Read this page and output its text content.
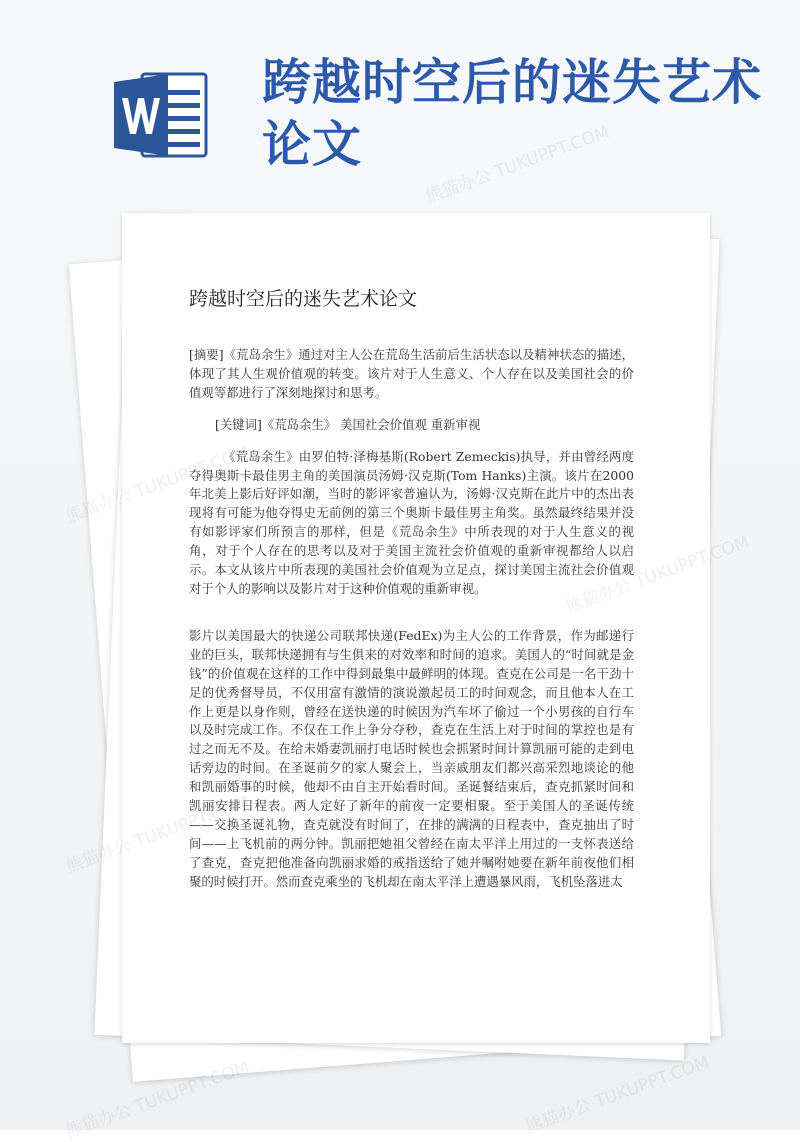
跨越时空后的迷失艺术论文
跨越时空后的迷失艺术论文

[摘要]《荒岛余生》通过对主人公在荒岛生活前后生活状态以及精神状态的描述，体现了其人生观价值观的转变。该片对于人生意义、个人存在以及美国社会的价值观等都进行了深刻地探讨和思考。

[关键词]《荒岛余生》 美国社会价值观 重新审视

《荒岛余生》由罗伯特·泽梅基斯(Robert Zemeckis)执导，并由曾经两度夺得奥斯卡最佳男主角的美国演员汤姆·汉克斯(Tom Hanks)主演。该片在2000年北美上影后好评如潮，当时的影评家普遍认为，汤姆·汉克斯在此片中的杰出表现将有可能为他夺得史无前例的第三个奥斯卡最佳男主角奖。虽然最终结果并没有如影评家们所预言的那样，但是《荒岛余生》中所表现的对于人生意义的视角，对于个人存在的思考以及对于美国主流社会价值观的重新审视都给人以启示。本文从该片中所表现的美国社会价值观为立足点，探讨美国主流社会价值观对于个人的影响以及影片对于这种价值观的重新审视。

影片以美国最大的快递公司联邦快递(FedEx)为主人公的工作背景，作为邮递行业的巨头，联邦快递拥有与生俱来的对效率和时间的追求。美国人的“时间就是金钱”的价值观在这样的工作中得到最集中最鲜明的体现。查克在公司是一名干劲十足的优秀督导员，不仅用富有激情的演说激起员工的时间观念，而且他本人在工作上更是以身作则，曾经在送快递的时候因为汽车坏了偷过一个小男孩的自行车以及时完成工作。不仅在工作上争分夺秒，查克在生活上对于时间的掌控也是有过之而无不及。在给未婚妻凯丽打电话时候也会抓紧时间计算凯丽可能的走到电话旁边的时间。在圣诞前夕的家人聚会上，当亲戚朋友们都兴高采烈地谈论的他和凯丽婚事的时候，他却不由自主开始看时间。圣诞餐结束后，查克抓紧时间和凯丽安排日程表。两人定好了新年的前夜一定要相聚。至于美国人的圣诞传统——交换圣诞礼物，查克就没有时间了，在排的满满的日程表中，查克抽出了时间——上飞机前的两分钟。凯丽把她祖父曾经在南太平洋上用过的一支怀表送给了查克，查克把他准备向凯丽求婚的戒指送给了她并嘱咐她要在新年前夜他们相聚的时候打开。然而查克乘坐的飞机却在南太平洋上遭遇暴风雨，飞机坠落进太
